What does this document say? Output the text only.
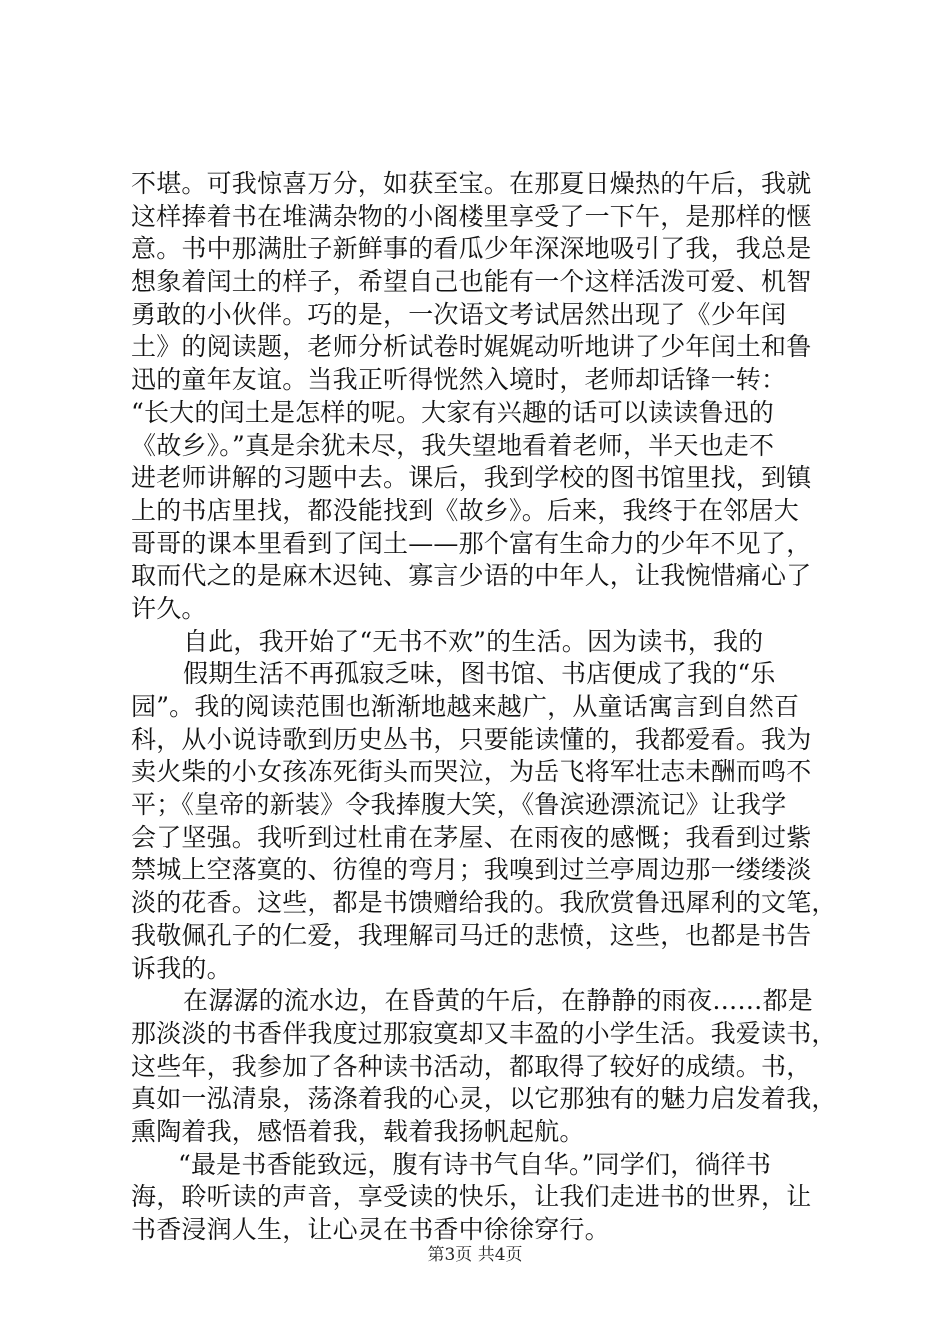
不堪。可我惊喜万分，如获至宝。在那夏日燥热的午后，我就
这样捧着书在堆满杂物的小阁楼里享受了一下午，是那样的惬
意。书中那满肚子新鲜事的看瓜少年深深地吸引了我，我总是
想象着闰土的样子，希望自己也能有一个这样活泼可爱、机智
勇敢的小伙伴。巧的是，一次语文考试居然出现了《少年闰
土》的阅读题，老师分析试卷时娓娓动听地讲了少年闰土和鲁
迅的童年友谊。当我正听得恍然入境时，老师却话锋一转：
“长大的闰土是怎样的呢。大家有兴趣的话可以读读鲁迅的
《故乡》。”真是余犹未尽，我失望地看着老师，半天也走不
进老师讲解的习题中去。课后，我到学校的图书馆里找，到镇
上的书店里找，都没能找到《故乡》。后来，我终于在邻居大
哥哥的课本里看到了闰土——那个富有生命力的少年不见了，
取而代之的是麻木迟钝、寡言少语的中年人，让我惋惜痛心了
许久。
自此，我开始了“无书不欢”的生活。因为读书，我的
假期生活不再孤寂乏味，图书馆、书店便成了我的“乐
园”。我的阅读范围也渐渐地越来越广，从童话寓言到自然百
科，从小说诗歌到历史丛书，只要能读懂的，我都爱看。我为
卖火柴的小女孩冻死街头而哭泣，为岳飞将军壮志未酬而鸣不
平；《皇帝的新装》令我捧腹大笑，《鲁滨逊漂流记》让我学
会了坚强。我听到过杜甫在茅屋、在雨夜的感慨；我看到过紫
禁城上空落寞的、彷徨的弯月；我嗅到过兰亭周边那一缕缕淡
淡的花香。这些，都是书馈赠给我的。我欣赏鲁迅犀利的文笔，
我敬佩孔子的仁爱，我理解司马迁的悲愤，这些，也都是书告
诉我的。
在潺潺的流水边，在昏黄的午后，在静静的雨夜……都是
那淡淡的书香伴我度过那寂寞却又丰盈的小学生活。我爱读书，
这些年，我参加了各种读书活动，都取得了较好的成绩。书，
真如一泓清泉，荡涤着我的心灵，以它那独有的魅力启发着我，
熏陶着我，感悟着我，载着我扬帆起航。
“最是书香能致远，腹有诗书气自华。”同学们，徜徉书
海，聆听读的声音，享受读的快乐，让我们走进书的世界，让
书香浸润人生，让心灵在书香中徐徐穿行。
第3页 共4页
